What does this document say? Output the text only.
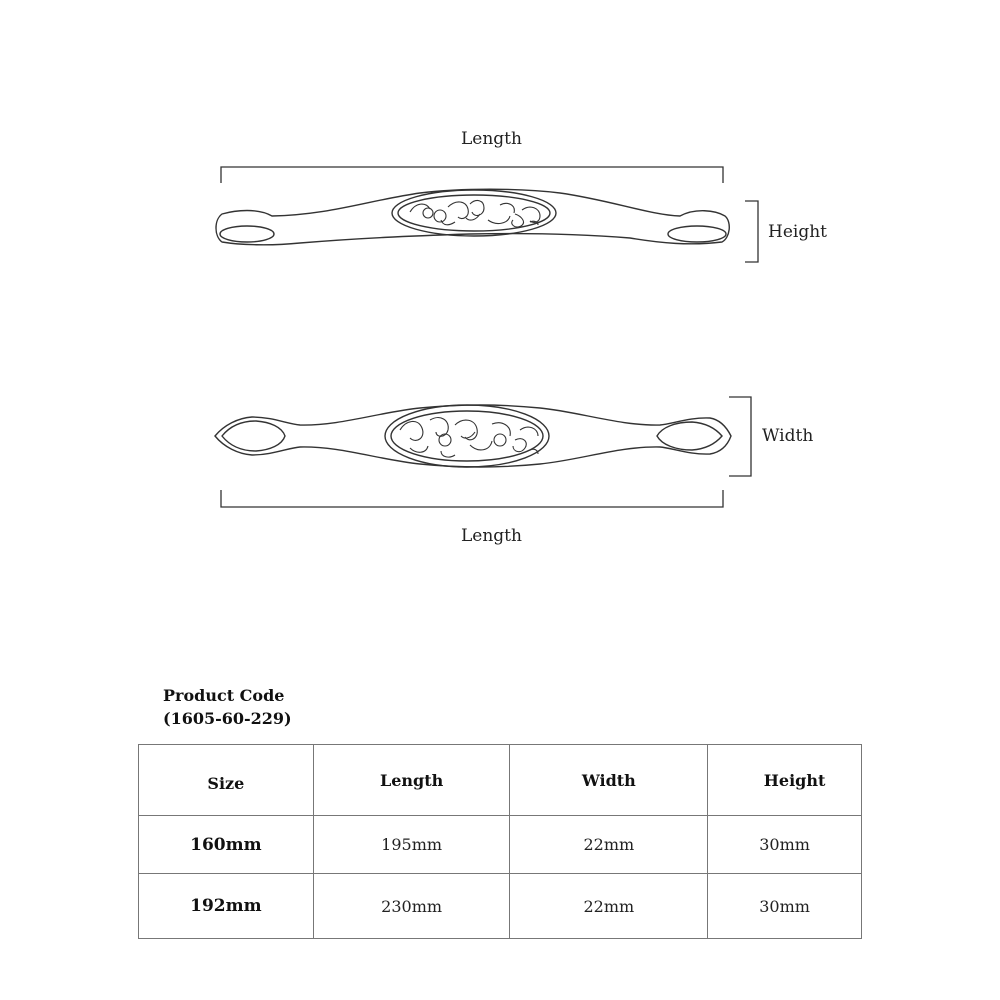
Length
Height
Width
Length
Product Code
(1605-60-229)
Size	Length	Width	Height
160mm	195mm	22mm	30mm
192mm	230mm	22mm	30mm
